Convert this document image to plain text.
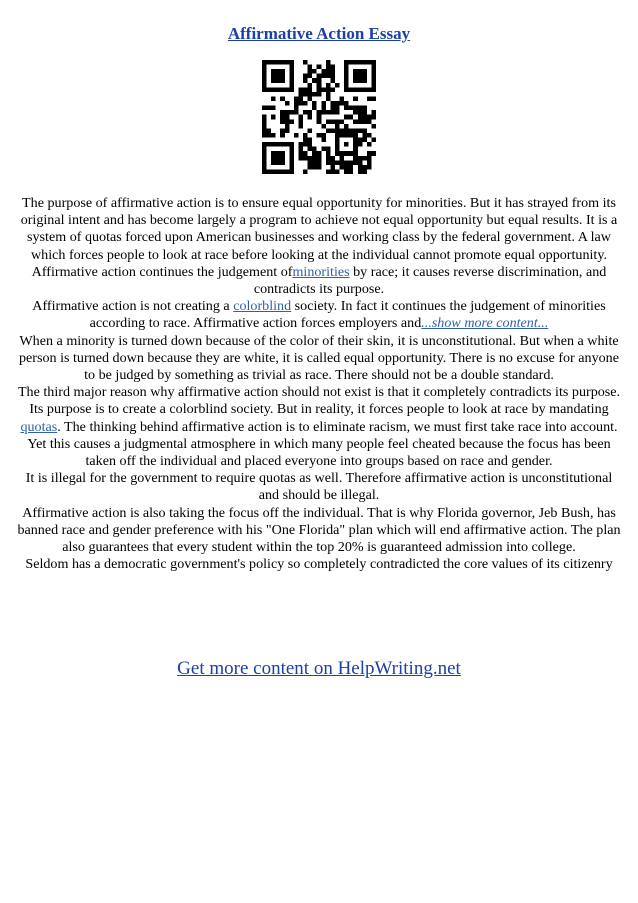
Affirmative Action Essay

The purpose of affirmative action is to ensure equal opportunity for minorities. But it has strayed from its original intent and has become largely a program to achieve not equal opportunity but equal results. It is a system of quotas forced upon American businesses and working class by the federal government. A law which forces people to look at race before looking at the individual cannot promote equal opportunity. Affirmative action continues the judgement ofminorities by race; it causes reverse discrimination, and contradicts its purpose.

Affirmative action is not creating a colorblind society. In fact it continues the judgement of minorities according to race. Affirmative action forces employers and...show more content...

When a minority is turned down because of the color of their skin, it is unconstitutional. But when a white person is turned down because they are white, it is called equal opportunity. There is no excuse for anyone to be judged by something as trivial as race. There should not be a double standard.

The third major reason why affirmative action should not exist is that it completely contradicts its purpose. Its purpose is to create a colorblind society. But in reality, it forces people to look at race by mandating quotas. The thinking behind affirmative action is to eliminate racism, we must first take race into account. Yet this causes a judgmental atmosphere in which many people feel cheated because the focus has been taken off the individual and placed everyone into groups based on race and gender.

It is illegal for the government to require quotas as well. Therefore affirmative action is unconstitutional and should be illegal.

Affirmative action is also taking the focus off the individual. That is why Florida governor, Jeb Bush, has banned race and gender preference with his "One Florida" plan which will end affirmative action. The plan also guarantees that every student within the top 20% is guaranteed admission into college.

Seldom has a democratic government's policy so completely contradicted the core values of its citizenry

Get more content on HelpWriting.net
